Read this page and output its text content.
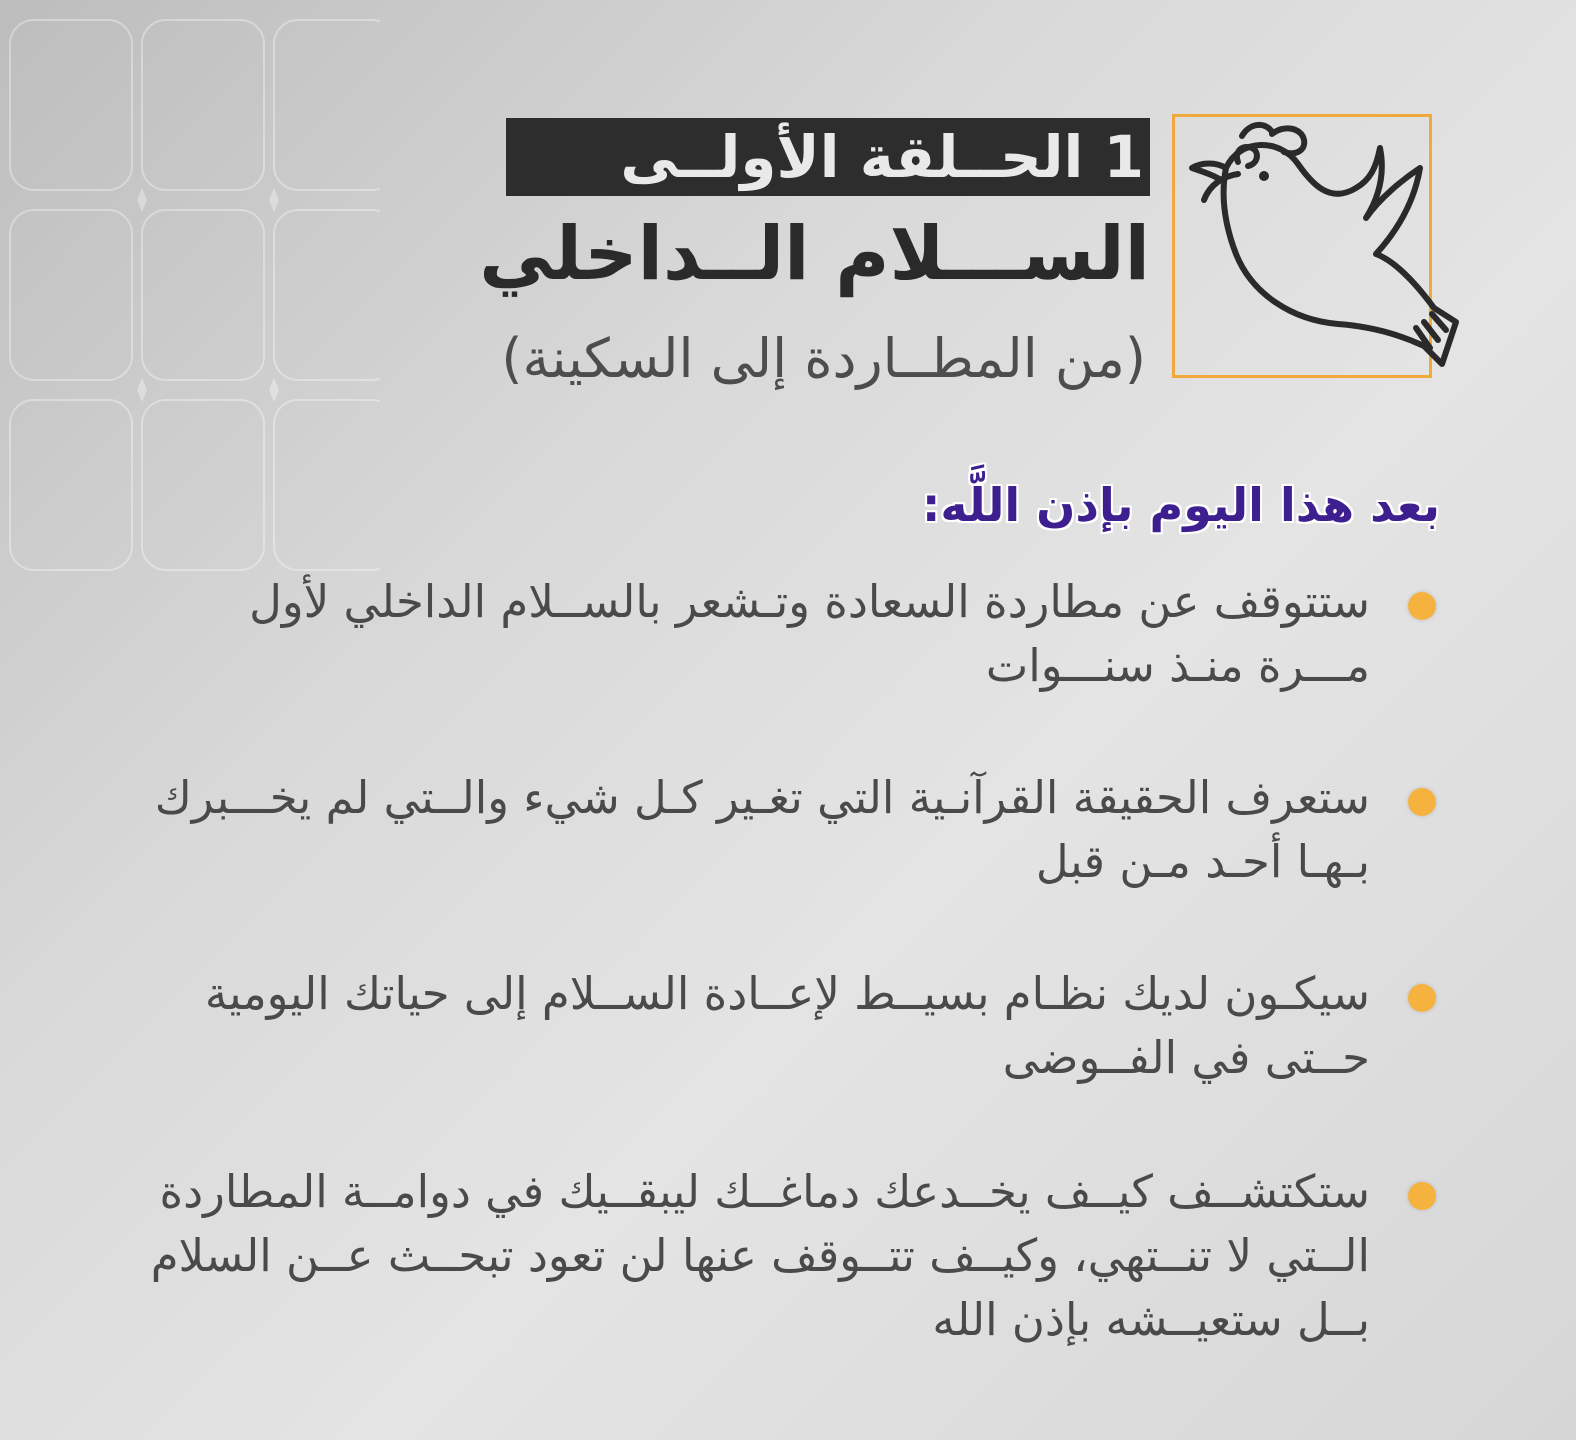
1 الحــلقة الأولــى
الســـلام الــداخلي
(من المطــاردة إلى السكينة)
بعد هذا اليوم بإذن اللَّه:
ستتوقف عن مطاردة السعادة وتـشعر بالســلام الداخلي لأول مـــرة منـذ سنـــوات
ستعرف الحقيقة القرآنـية التي تغـير كـل شيء والــتي لم يخـــبرك بـهـا أحـد مـن قبل
سيكـون لديك نظـام بسيــط لإعــادة الســلام إلى حياتك اليومية حــتى في الفــوضى
ستكتشــف كيــف يخــدعك دماغــك ليبقــيك في دوامــة المطاردة الــتي لا تنــتهي، وكيــف تتــوقف عنها لن تعود تبحــث عــن السلام بــل ستعيــشه بإذن الله
